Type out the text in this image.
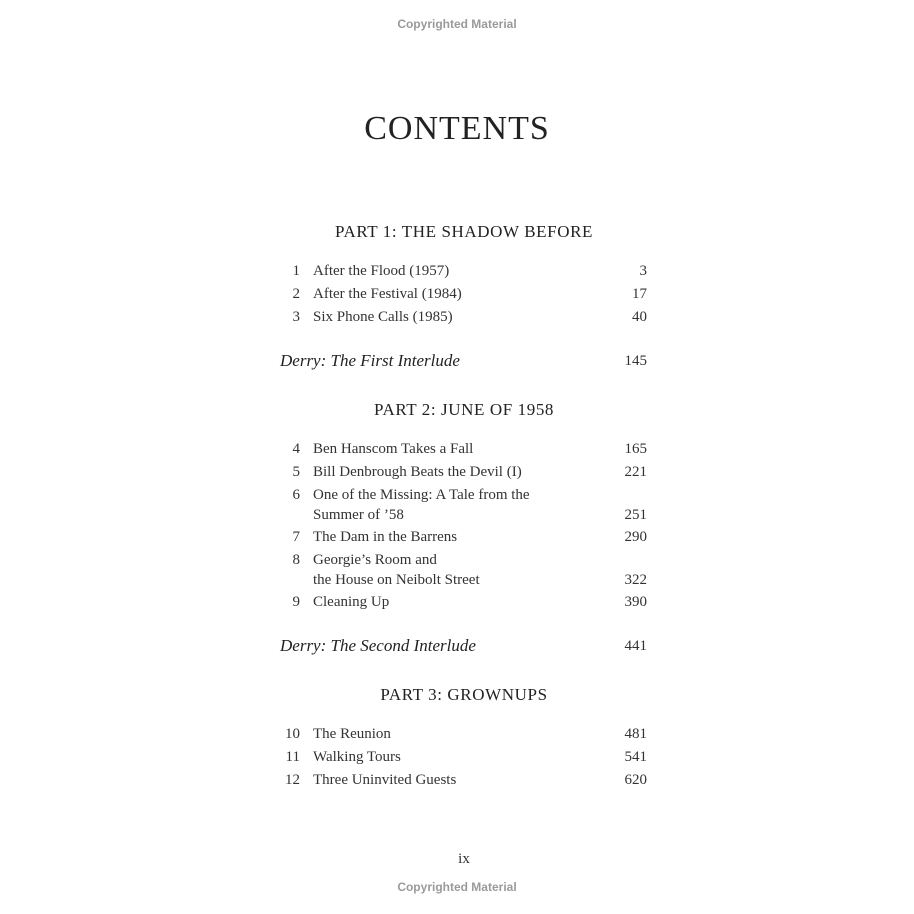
Copyrighted Material
CONTENTS
PART 1: THE SHADOW BEFORE
1 After the Flood (1957)	3
2 After the Festival (1984)	17
3 Six Phone Calls (1985)	40
Derry: The First Interlude	145
PART 2: JUNE OF 1958
4 Ben Hanscom Takes a Fall	165
5 Bill Denbrough Beats the Devil (I)	221
6 One of the Missing: A Tale from the
Summer of ’58	251
7 The Dam in the Barrens	290
8 Georgie’s Room and
the House on Neibolt Street	322
9 Cleaning Up	390
Derry: The Second Interlude	441
PART 3: GROWNUPS
10 The Reunion	481
11 Walking Tours	541
12 Three Uninvited Guests	620
ix
Copyrighted Material
